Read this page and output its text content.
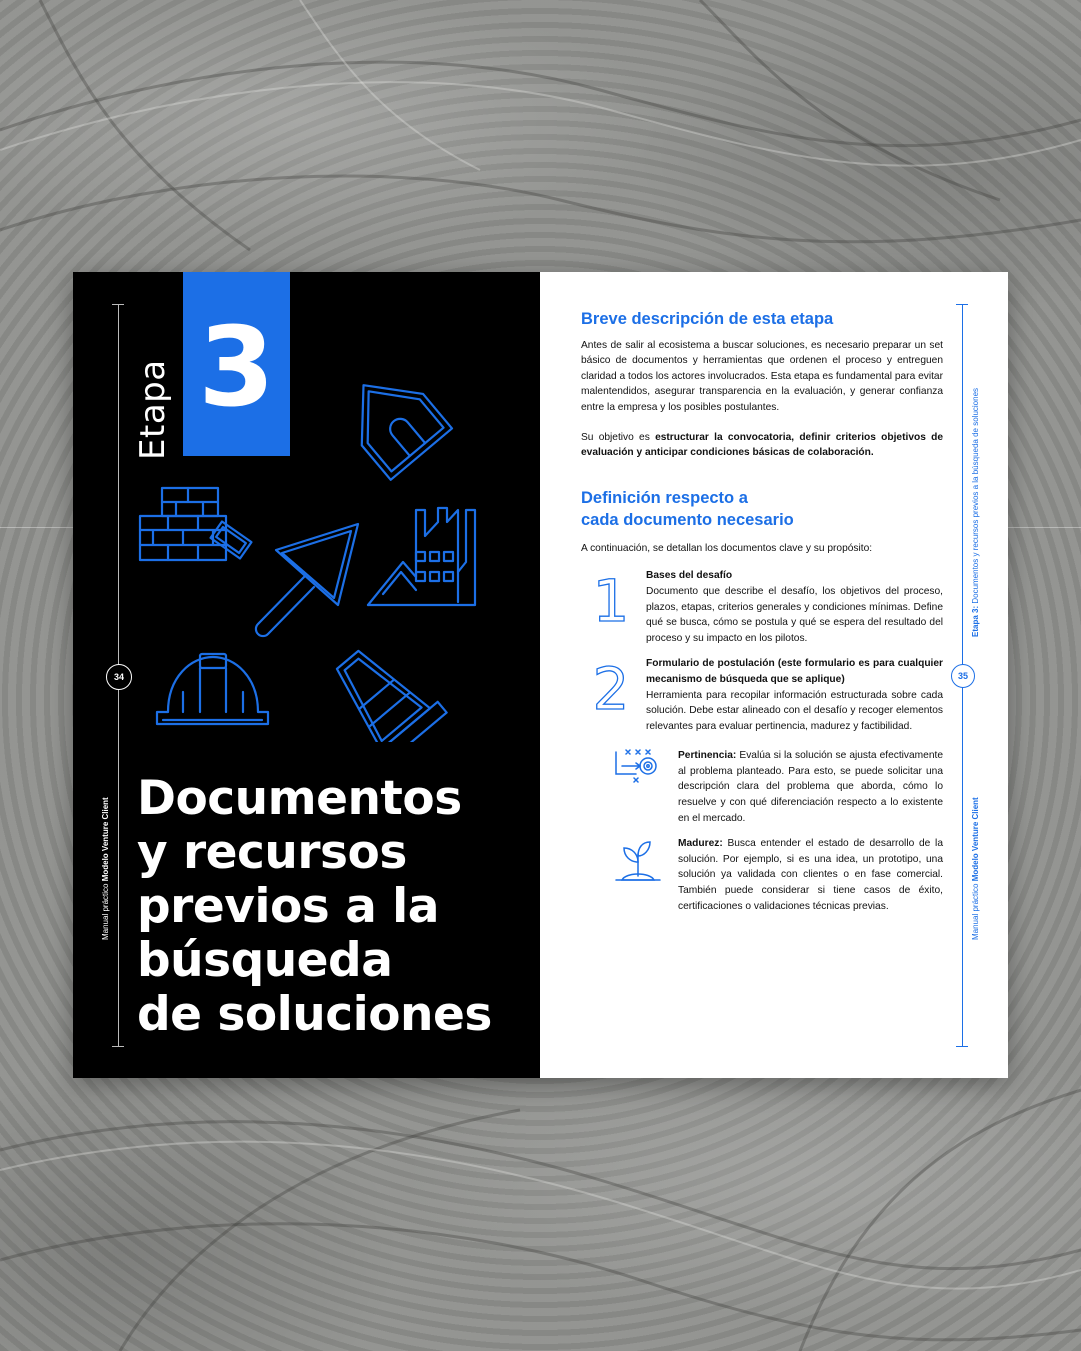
34
Manual práctico Modelo Venture Client
3
Etapa
Documentos
y recursos
previos a la
búsqueda
de soluciones
Breve descripción de esta etapa

Antes de salir al ecosistema a buscar soluciones, es necesario preparar un set básico de documentos y herramientas que ordenen el proceso y entreguen claridad a todos los actores involucrados. Esta etapa es fundamental para evitar malentendidos, asegurar transparencia en la evaluación, y generar confianza entre la empresa y los posibles postulantes.

Su objetivo es estructurar la convocatoria, definir criterios objetivos de evaluación y anticipar condiciones básicas de colaboración.

Definición respecto a
cada documento necesario

A continuación, se detallan los documentos clave y su propósito:

1	Bases del desafío

Documento que describe el desafío, los objetivos del proceso, plazos, etapas, criterios generales y condiciones mínimas. Define qué se busca, cómo se postula y qué se espera del resultado del proceso y su impacto en los pilotos.

2	Formulario de postulación (este formulario es para cualquier mecanismo de búsqueda que se aplique)

Herramienta para recopilar información estructurada sobre cada solución. Debe estar alineado con el desafío y recoger elementos relevantes para evaluar pertinencia, madurez y factibilidad.

Pertinencia: Evalúa si la solución se ajusta efectivamente al problema planteado. Para esto, se puede solicitar una descripción clara del problema que aborda, cómo lo resuelve y con qué diferenciación respecto a lo existente en el mercado.

Madurez: Busca entender el estado de desarrollo de la solución. Por ejemplo, si es una idea, un prototipo, una solución ya validada con clientes o en fase comercial. También puede considerar si tiene casos de éxito, certificaciones o validaciones técnicas previas.

35
Etapa 3: Documentos y recursos previos a la búsqueda de soluciones
Manual práctico Modelo Venture Client
